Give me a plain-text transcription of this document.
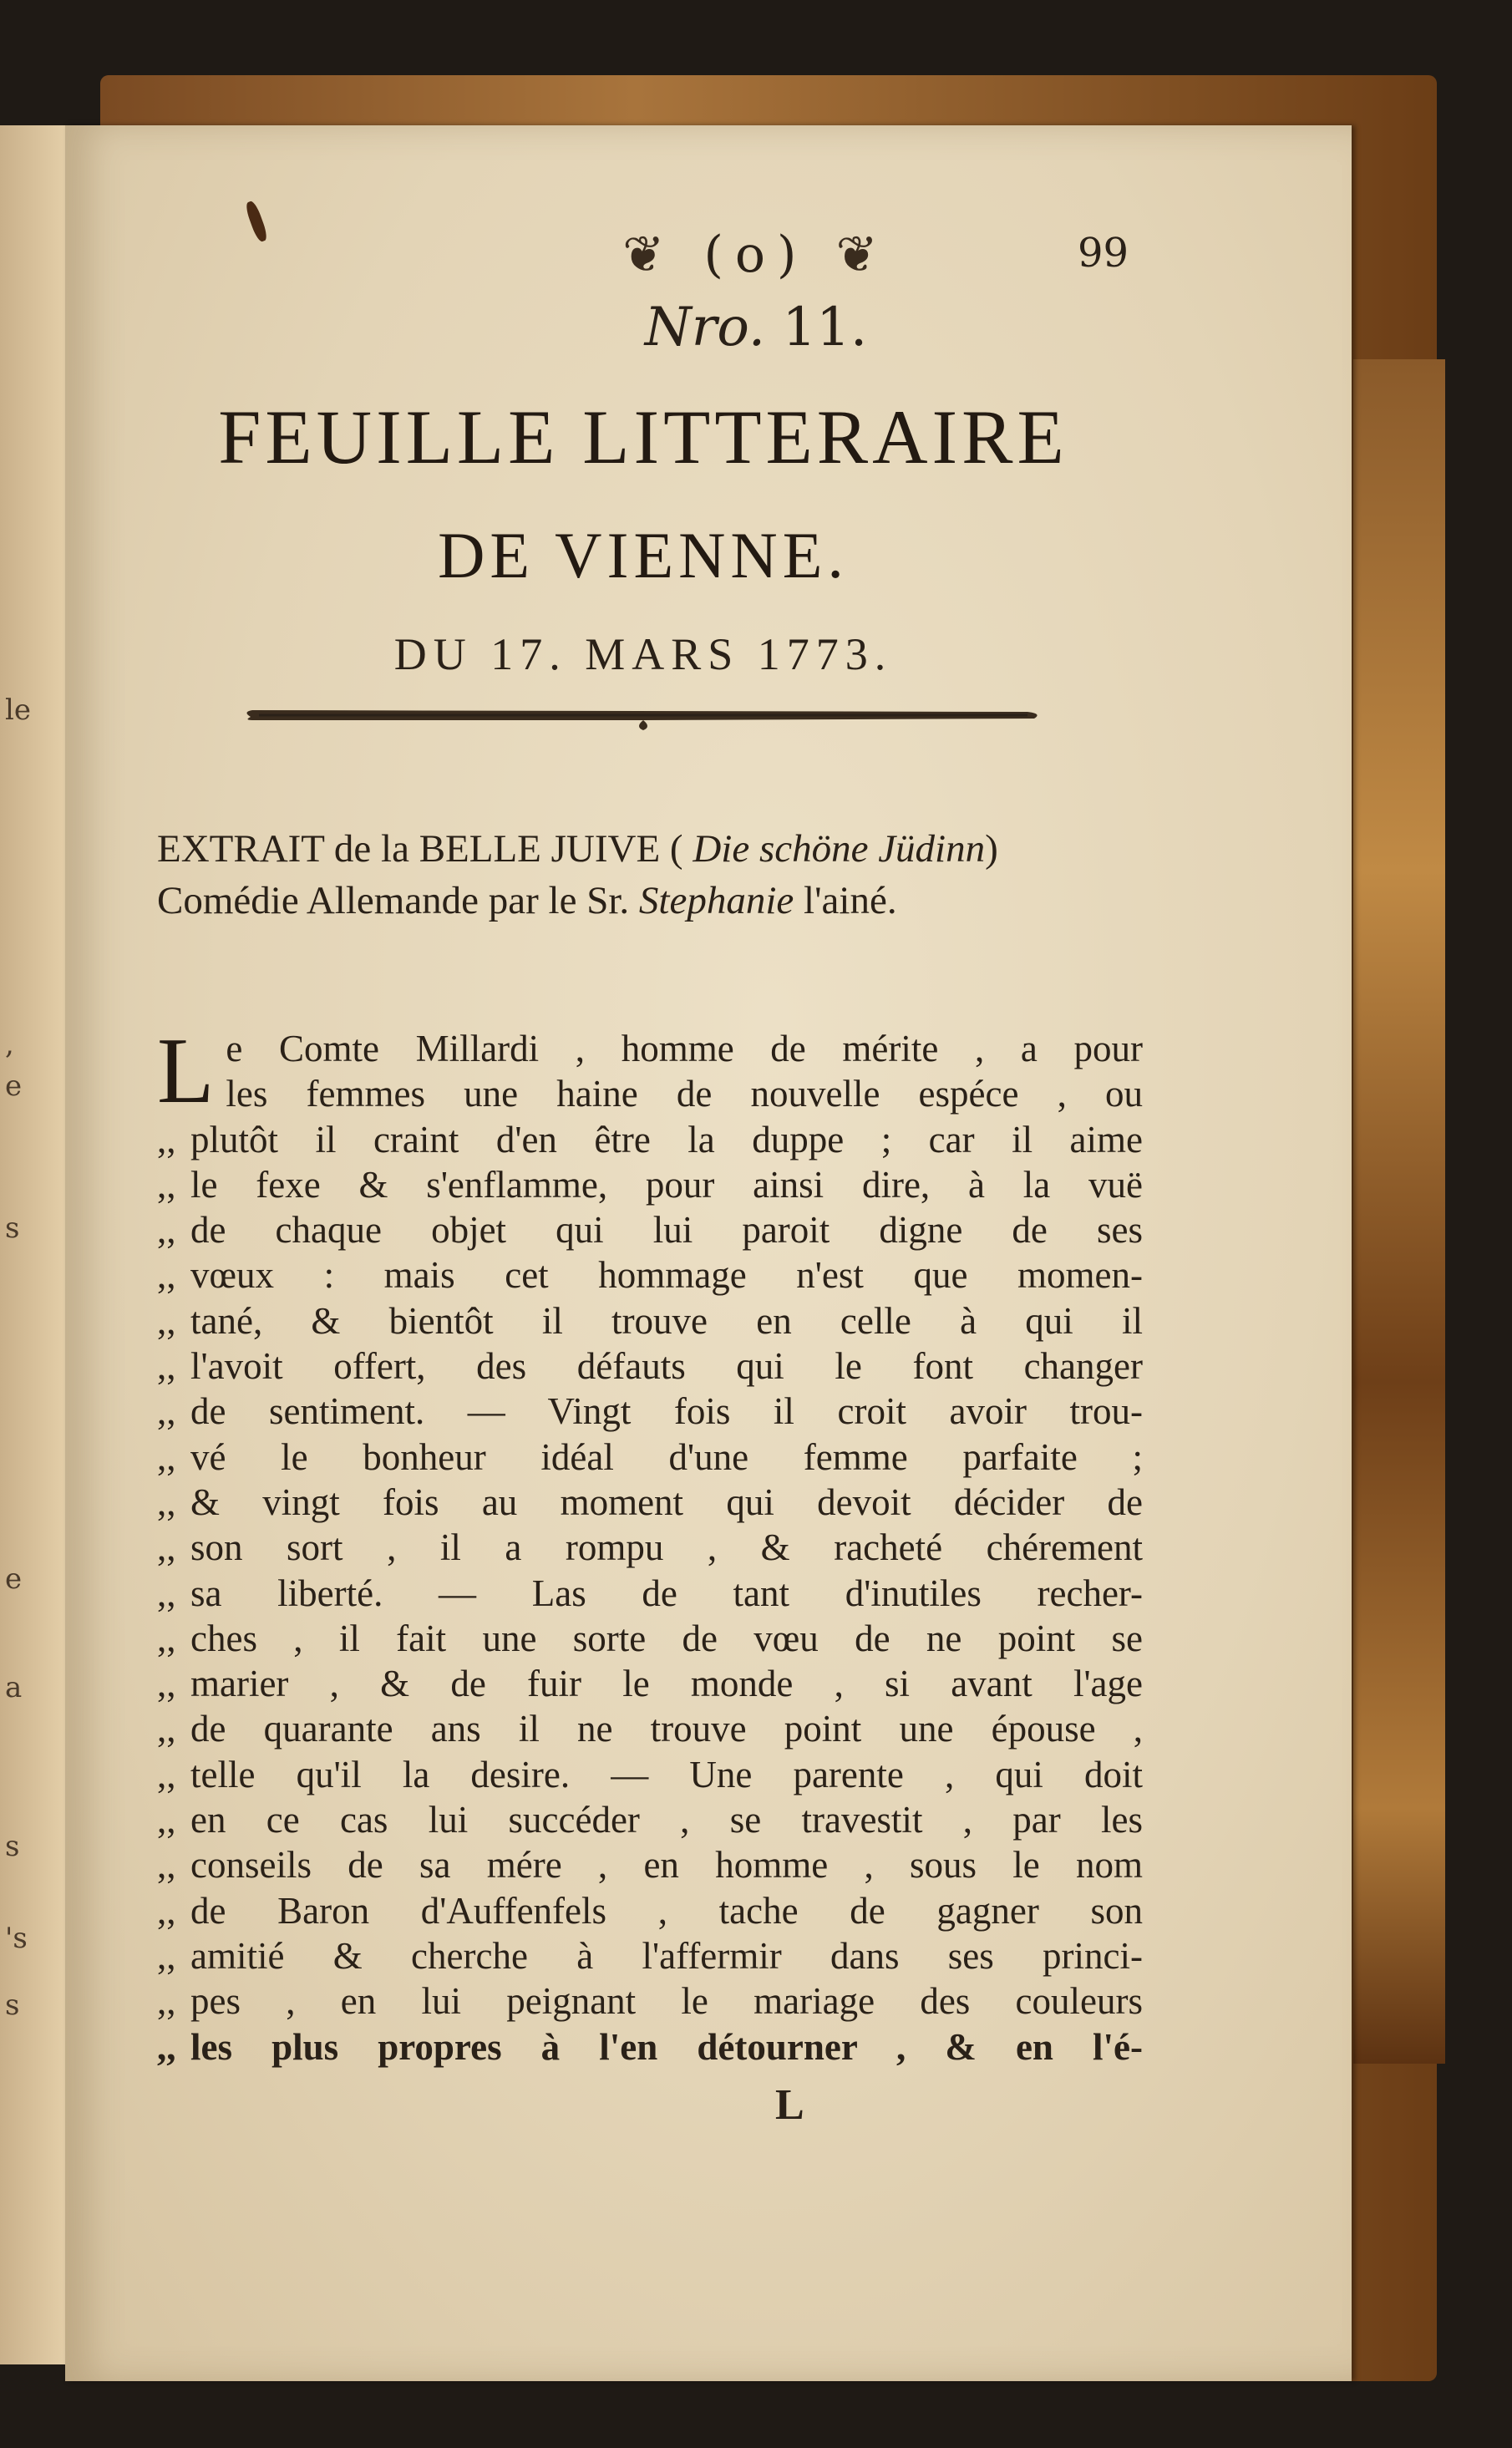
le
,
e
s
e
a
s
's
s
❦ (o) ❦	99
Nro. 11.
FEUILLE LITTERAIRE
DE VIENNE.
DU 17. MARS 1773.
EXTRAIT de la BELLE JUIVE ( Die schöne Jüdinn) Comédie Allemande par le Sr. Stephanie l'ainé.
L e Comte Millardi , homme de mérite , a pour
les femmes une haine de nouvelle espéce , ou
,, plutôt il craint d'en être la duppe ; car il aime
,, le fexe & s'enflamme, pour ainsi dire, à la vuë
,, de chaque objet qui lui paroit digne de ses
,, vœux : mais cet hommage n'est que momen-
,, tané, & bientôt il trouve en celle à qui il
,, l'avoit offert, des défauts qui le font changer
,, de sentiment. — Vingt fois il croit avoir trou-
,, vé le bonheur idéal d'une femme parfaite ;
,, & vingt fois au moment qui devoit décider de
,, son sort , il a rompu , & racheté chérement
,, sa liberté. — Las de tant d'inutiles recher-
,, ches , il fait une sorte de vœu de ne point se
,, marier , & de fuir le monde , si avant l'age
,, de quarante ans il ne trouve point une épouse ,
,, telle qu'il la desire. — Une parente , qui doit
,, en ce cas lui succéder , se travestit , par les
,, conseils de sa mére , en homme , sous le nom
,, de Baron d'Auffenfels , tache de gagner son
,, amitié & cherche à l'affermir dans ses princi-
,, pes , en lui peignant le mariage des couleurs
,, les plus propres à l'en détourner , & en l'é-
L
